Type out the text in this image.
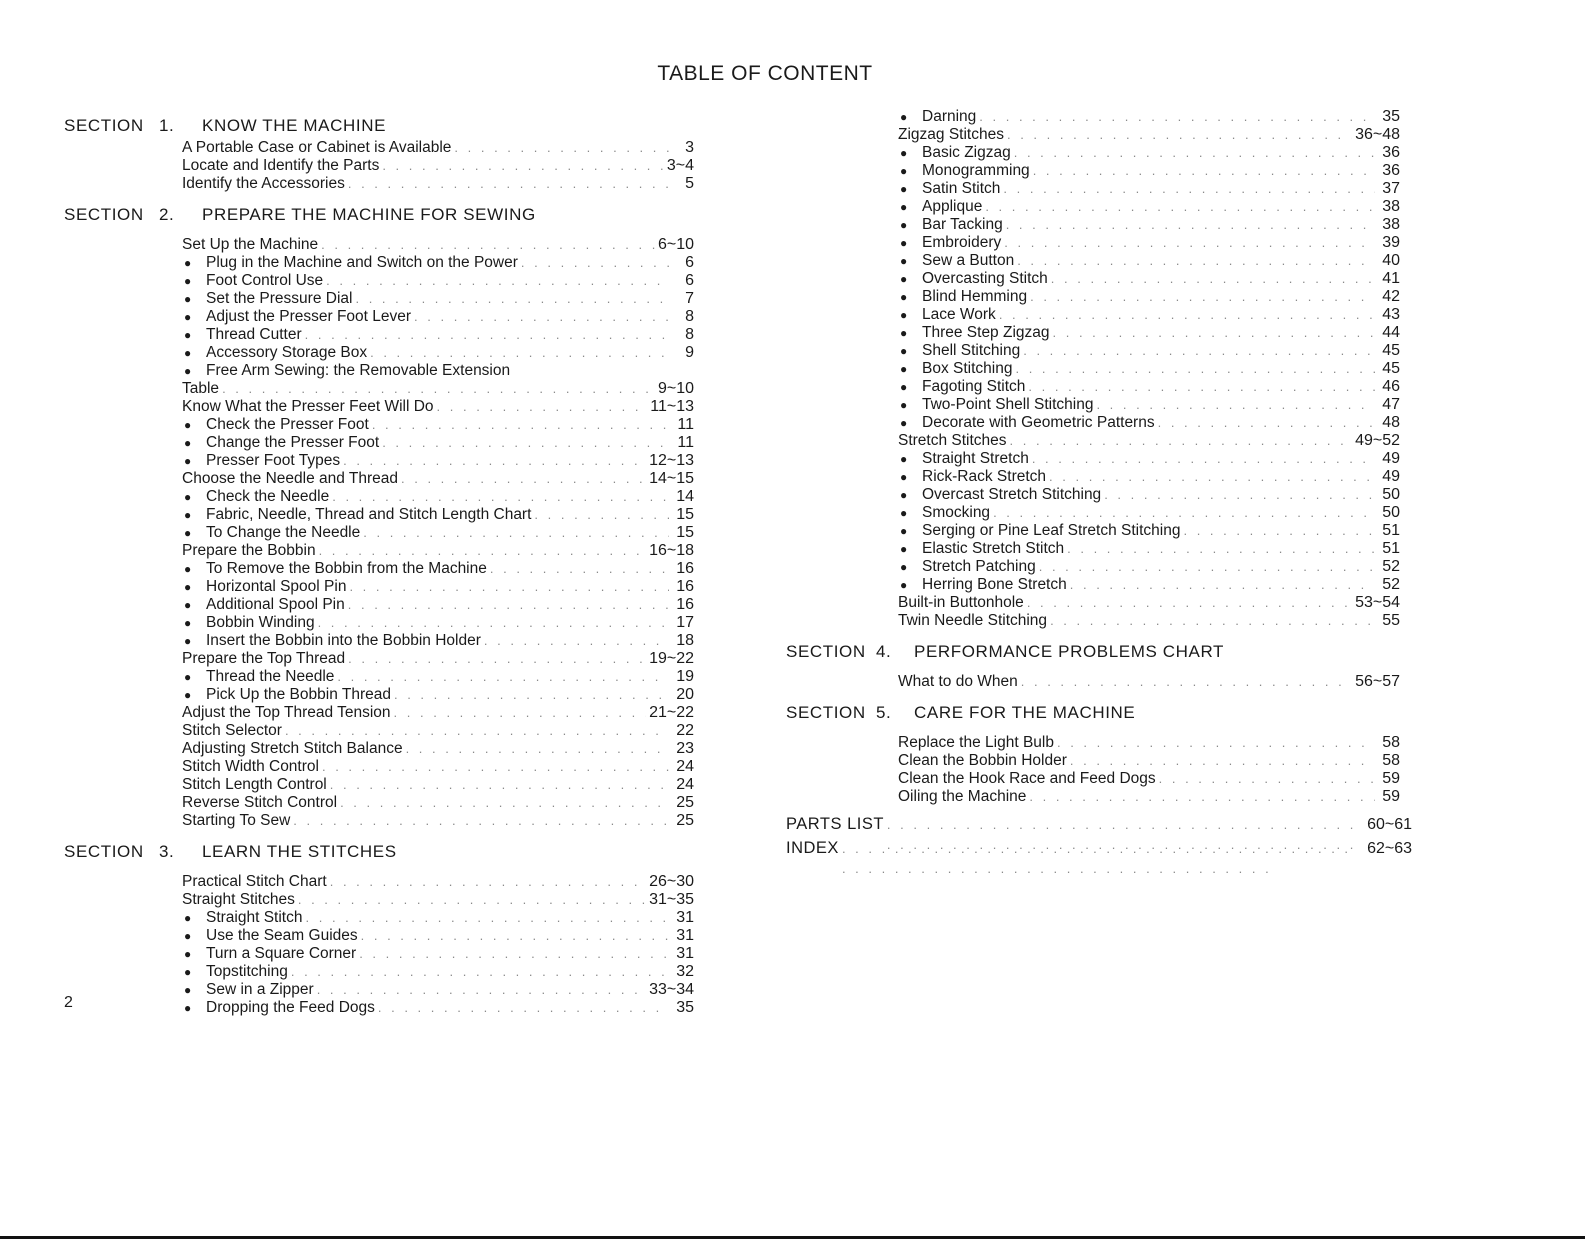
TABLE OF CONTENT
SECTION 1. KNOW THE MACHINE
A Portable Case or Cabinet is Available . . .	3
Locate and Identify the Parts . . .	3~4
Identify the Accessories . . .	5
SECTION 2. PREPARE THE MACHINE FOR SEWING
Set Up the Machine . . .	6~10
● Plug in the Machine and Switch on the Power . . .	6
● Foot Control Use . . .	6
● Set the Pressure Dial . . .	7
● Adjust the Presser Foot Lever . . .	8
● Thread Cutter . . .	8
● Accessory Storage Box . . .	9
● Free Arm Sewing: the Removable Extension
Table . . .	9~10
Know What the Presser Feet Will Do . . .	11~13
● Check the Presser Foot . . .	11
● Change the Presser Foot . . .	11
● Presser Foot Types . . .	12~13
Choose the Needle and Thread . . .	14~15
● Check the Needle . . .	14
● Fabric, Needle, Thread and Stitch Length Chart . . .	15
● To Change the Needle . . .	15
Prepare the Bobbin . . .	16~18
● To Remove the Bobbin from the Machine . . .	16
● Horizontal Spool Pin . . .	16
● Additional Spool Pin . . .	16
● Bobbin Winding . . .	17
● Insert the Bobbin into the Bobbin Holder . . .	18
Prepare the Top Thread . . .	19~22
● Thread the Needle . . .	19
● Pick Up the Bobbin Thread . . .	20
Adjust the Top Thread Tension . . .	21~22
Stitch Selector . . .	22
Adjusting Stretch Stitch Balance . . .	23
Stitch Width Control . . .	24
Stitch Length Control . . .	24
Reverse Stitch Control . . .	25
Starting To Sew . . .	25
SECTION 3. LEARN THE STITCHES
Practical Stitch Chart . . .	26~30
Straight Stitches . . .	31~35
● Straight Stitch . . .	31
● Use the Seam Guides . . .	31
● Turn a Square Corner . . .	31
● Topstitching . . .	32
● Sew in a Zipper . . .	33~34
● Dropping the Feed Dogs . . .	35
● Darning . . .	35
Zigzag Stitches . . .	36~48
● Basic Zigzag . . .	36
● Monogramming . . .	36
● Satin Stitch . . .	37
● Applique . . .	38
● Bar Tacking . . .	38
● Embroidery . . .	39
● Sew a Button . . .	40
● Overcasting Stitch . . .	41
● Blind Hemming . . .	42
● Lace Work . . .	43
● Three Step Zigzag . . .	44
● Shell Stitching . . .	45
● Box Stitching . . .	45
● Fagoting Stitch . . .	46
● Two-Point Shell Stitching . . .	47
● Decorate with Geometric Patterns . . .	48
Stretch Stitches . . .	49~52
● Straight Stretch . . .	49
● Rick-Rack Stretch . . .	49
● Overcast Stretch Stitching . . .	50
● Smocking . . .	50
● Serging or Pine Leaf Stretch Stitching . . .	51
● Elastic Stretch Stitch . . .	51
● Stretch Patching . . .	52
● Herring Bone Stretch . . .	52
Built-in Buttonhole . . .	53~54
Twin Needle Stitching . . .	55
SECTION 4. PERFORMANCE PROBLEMS CHART
What to do When . . .	56~57
SECTION 5. CARE FOR THE MACHINE
Replace the Light Bulb . . .	58
Clean the Bobbin Holder . . .	58
Clean the Hook Race and Feed Dogs . . .	59
Oiling the Machine . . .	59
PARTS LIST . . .	60~61
INDEX . . .	62~63
2
